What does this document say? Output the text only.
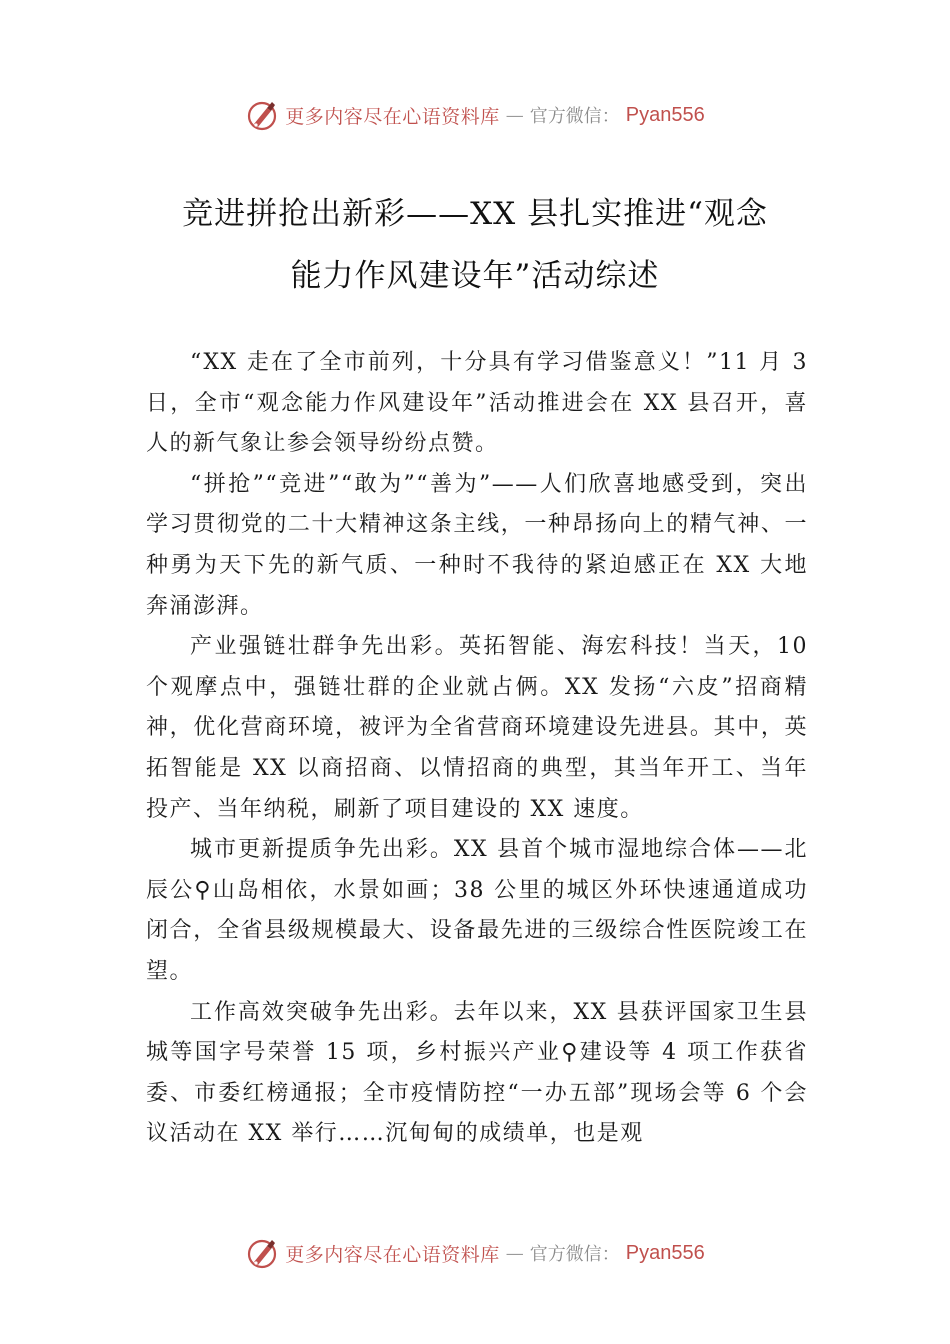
更多内容尽在心语资料库 — 官方微信： Pyan556
竞进拼抢出新彩——XX 县扎实推进“观念
能力作风建设年”活动综述

“XX 走在了全市前列，十分具有学习借鉴意义！”11 月 3 日，全市“观念能力作风建设年”活动推进会在 XX 县召开，喜人的新气象让参会领导纷纷点赞。

“拼抢”“竞进”“敢为”“善为”——人们欣喜地感受到，突出学习贯彻党的二十大精神这条主线，一种昂扬向上的精气神、一种勇为天下先的新气质、一种时不我待的紧迫感正在 XX 大地奔涌澎湃。

产业强链壮群争先出彩。英拓智能、海宏科技！当天，10 个观摩点中，强链壮群的企业就占俩。XX 发扬“六皮”招商精神，优化营商环境，被评为全省营商环境建设先进县。其中，英拓智能是 XX 以商招商、以情招商的典型，其当年开工、当年投产、当年纳税，刷新了项目建设的 XX 速度。

城市更新提质争先出彩。XX 县首个城市湿地综合体——北辰公⚲山岛相依，水景如画；38 公里的城区外环快速通道成功闭合，全省县级规模最大、设备最先进的三级综合性医院竣工在望。

工作高效突破争先出彩。去年以来，XX 县获评国家卫生县城等国字号荣誉 15 项，乡村振兴产业⚲建设等 4 项工作获省委、市委红榜通报；全市疫情防控“一办五部”现场会等 6 个会议活动在 XX 举行……沉甸甸的成绩单，也是观

更多内容尽在心语资料库 — 官方微信： Pyan556
